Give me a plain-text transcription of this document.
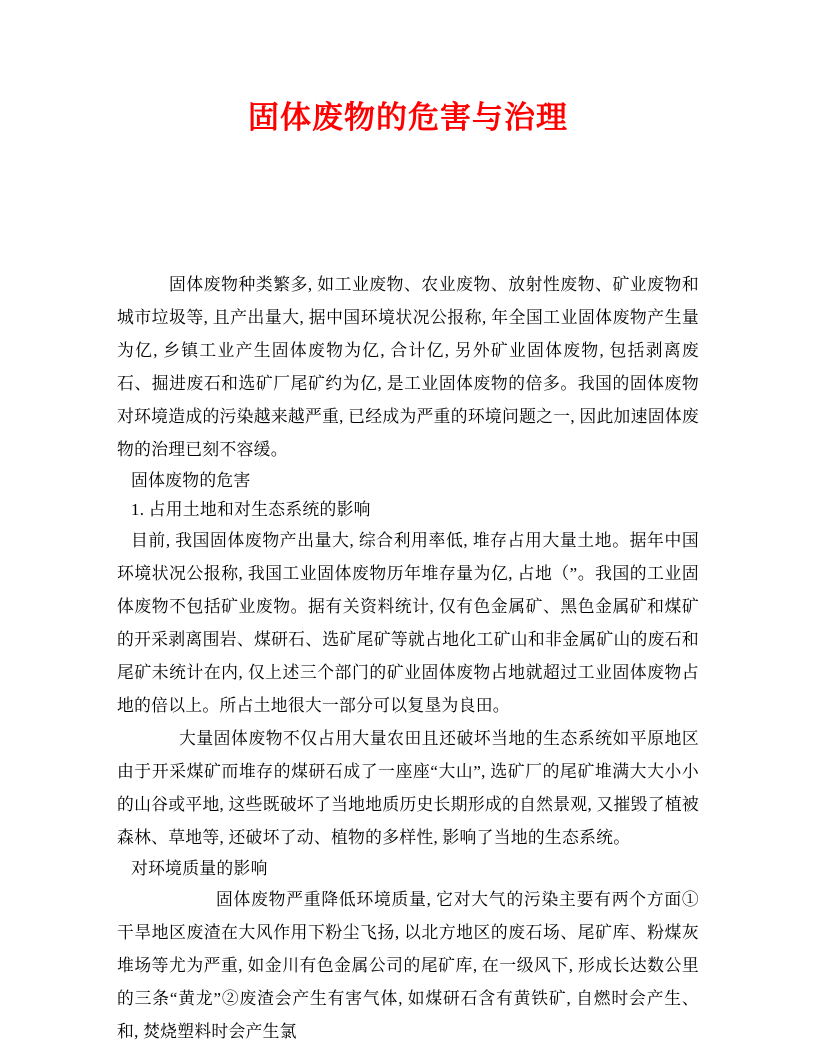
固体废物的危害与治理

固体废物种类繁多, 如工业废物、农业废物、放射性废物、矿业废物和城市垃圾等, 且产出量大, 据中国环境状况公报称, 年全国工业固体废物产生量为亿, 乡镇工业产生固体废物为亿, 合计亿, 另外矿业固体废物, 包括剥离废石、掘进废石和选矿厂尾矿约为亿, 是工业固体废物的倍多。我国的固体废物对环境造成的污染越来越严重, 已经成为严重的环境问题之一, 因此加速固体废物的治理已刻不容缓。

固体废物的危害

1. 占用土地和对生态系统的影响

目前, 我国固体废物产出量大, 综合利用率低, 堆存占用大量土地。据年中国环境状况公报称, 我国工业固体废物历年堆存量为亿, 占地（”。我国的工业固体废物不包括矿业废物。据有关资料统计, 仅有色金属矿、黑色金属矿和煤矿的开采剥离围岩、煤研石、选矿尾矿等就占地化工矿山和非金属矿山的废石和尾矿未统计在内, 仅上述三个部门的矿业固体废物占地就超过工业固体废物占地的倍以上。所占土地很大一部分可以复垦为良田。

大量固体废物不仅占用大量农田且还破坏当地的生态系统如平原地区由于开采煤矿而堆存的煤研石成了一座座“大山”, 选矿厂的尾矿堆满大大小小的山谷或平地, 这些既破坏了当地地质历史长期形成的自然景观, 又摧毁了植被森林、草地等, 还破坏了动、植物的多样性, 影响了当地的生态系统。

对环境质量的影响

固体废物严重降低环境质量, 它对大气的污染主要有两个方面①干旱地区废渣在大风作用下粉尘飞扬, 以北方地区的废石场、尾矿库、粉煤灰堆场等尤为严重, 如金川有色金属公司的尾矿库, 在一级风下, 形成长达数公里的三条“黄龙”②废渣会产生有害气体, 如煤研石含有黄铁矿, 自燃时会产生、和, 焚烧塑料时会产生氯
